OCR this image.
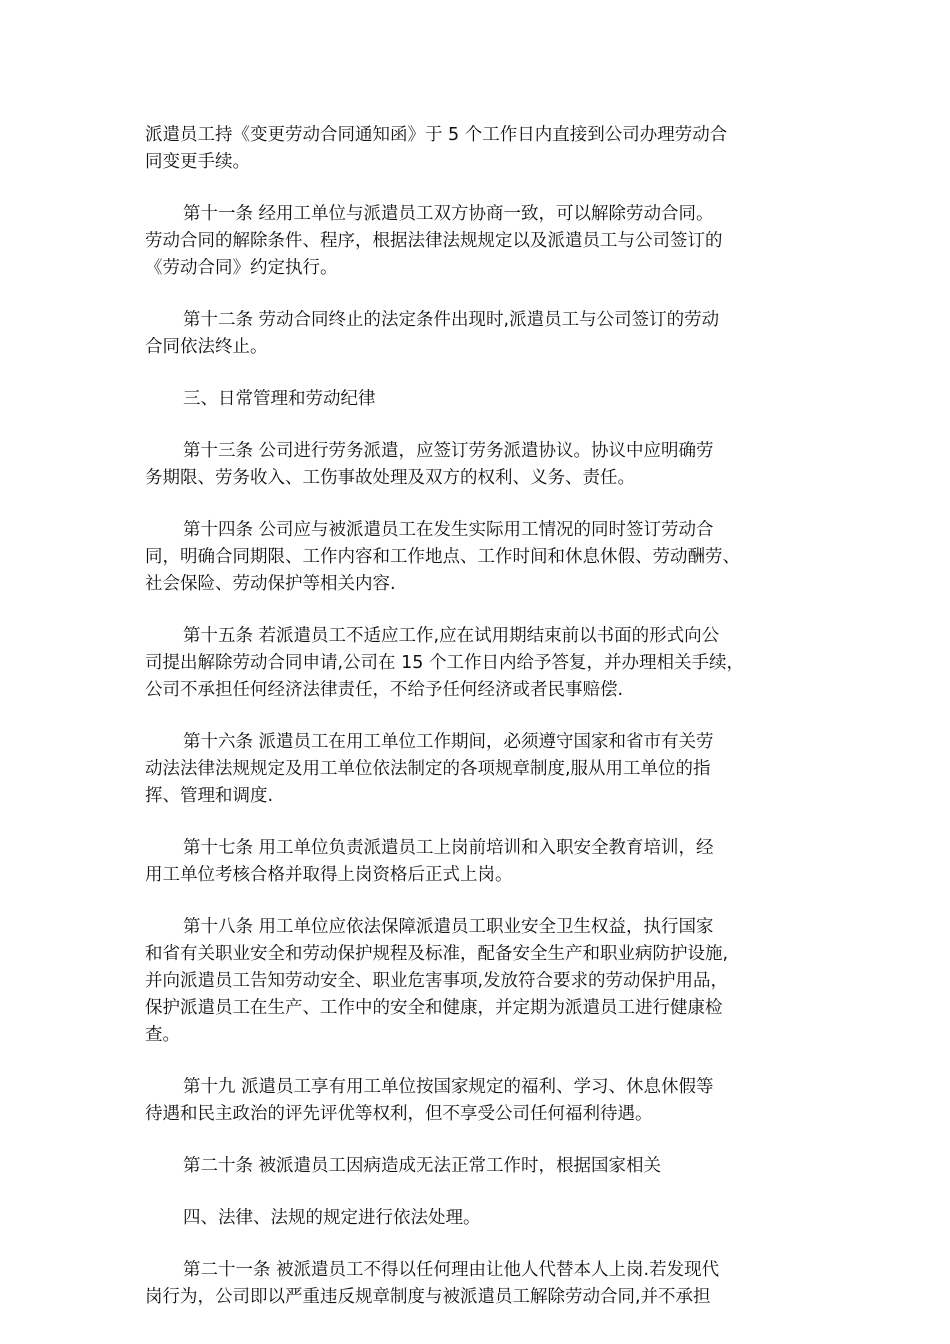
派遣员工持《变更劳动合同通知函》于 5 个工作日内直接到公司办理劳动合
同变更手续。
第十一条 经用工单位与派遣员工双方协商一致，可以解除劳动合同。
劳动合同的解除条件、程序，根据法律法规规定以及派遣员工与公司签订的
《劳动合同》约定执行。
第十二条 劳动合同终止的法定条件出现时,派遣员工与公司签订的劳动
合同依法终止。
三、日常管理和劳动纪律
第十三条 公司进行劳务派遣，应签订劳务派遣协议。协议中应明确劳
务期限、劳务收入、工伤事故处理及双方的权利、义务、责任。
第十四条 公司应与被派遣员工在发生实际用工情况的同时签订劳动合
同，明确合同期限、工作内容和工作地点、工作时间和休息休假、劳动酬劳、
社会保险、劳动保护等相关内容.
第十五条 若派遣员工不适应工作,应在试用期结束前以书面的形式向公
司提出解除劳动合同申请,公司在 15 个工作日内给予答复，并办理相关手续，
公司不承担任何经济法律责任，不给予任何经济或者民事赔偿.
第十六条 派遣员工在用工单位工作期间，必须遵守国家和省市有关劳
动法法律法规规定及用工单位依法制定的各项规章制度,服从用工单位的指
挥、管理和调度.
第十七条 用工单位负责派遣员工上岗前培训和入职安全教育培训，经
用工单位考核合格并取得上岗资格后正式上岗。
第十八条 用工单位应依法保障派遣员工职业安全卫生权益，执行国家
和省有关职业安全和劳动保护规程及标准，配备安全生产和职业病防护设施,
并向派遣员工告知劳动安全、职业危害事项,发放符合要求的劳动保护用品，
保护派遣员工在生产、工作中的安全和健康，并定期为派遣员工进行健康检
查。
第十九 派遣员工享有用工单位按国家规定的福利、学习、休息休假等
待遇和民主政治的评先评优等权利，但不享受公司任何福利待遇。
第二十条 被派遣员工因病造成无法正常工作时，根据国家相关
四、法律、法规的规定进行依法处理。
第二十一条 被派遣员工不得以任何理由让他人代替本人上岗.若发现代
岗行为，公司即以严重违反规章制度与被派遣员工解除劳动合同,并不承担
